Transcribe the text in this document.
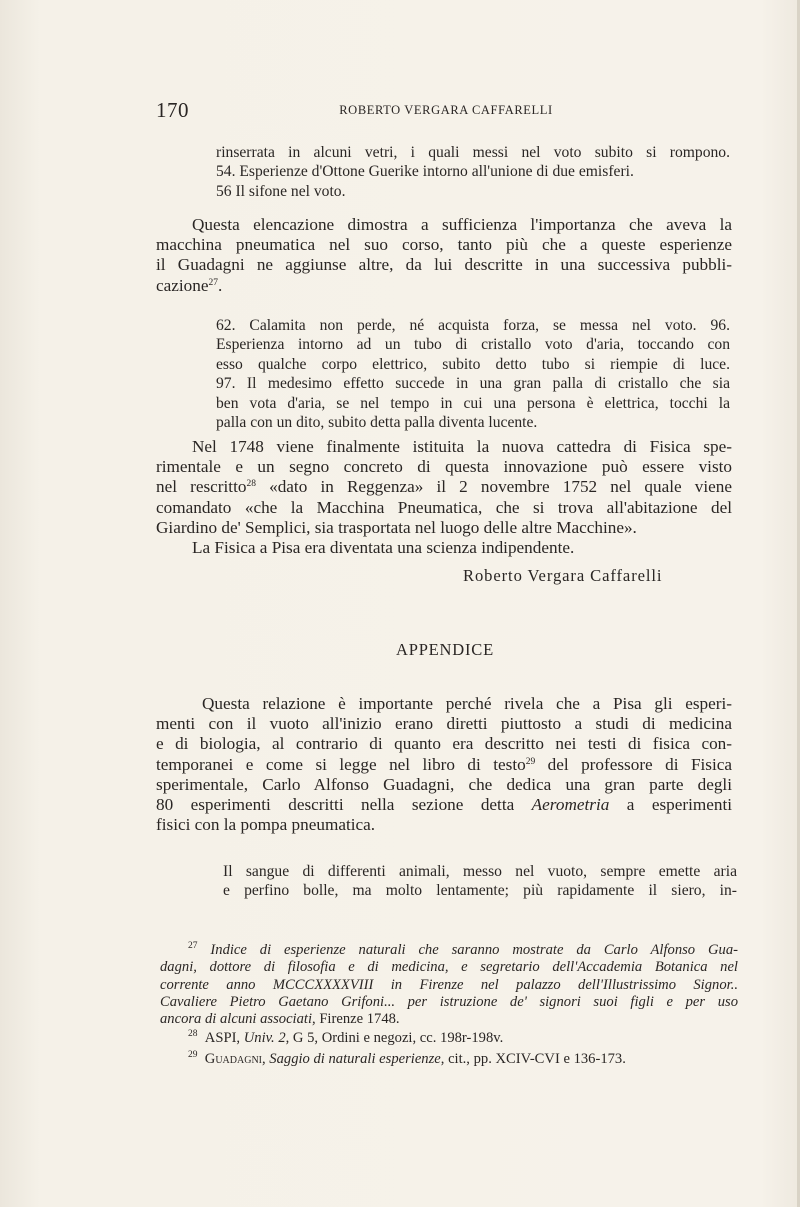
170	ROBERTO VERGARA CAFFARELLI
rinserrata in alcuni vetri, i quali messi nel voto subito si rompono.
54. Esperienze d'Ottone Guerike intorno all'unione di due emisferi.
56 Il sifone nel voto.
Questa elencazione dimostra a sufficienza l'importanza che aveva la
macchina pneumatica nel suo corso, tanto più che a queste esperienze
il Guadagni ne aggiunse altre, da lui descritte in una successiva pubbli-
cazione$^{27}$.
62. Calamita non perde, né acquista forza, se messa nel voto. 96.
Esperienza intorno ad un tubo di cristallo voto d'aria, toccando con
esso qualche corpo elettrico, subito detto tubo si riempie di luce.
97. Il medesimo effetto succede in una gran palla di cristallo che sia
ben vota d'aria, se nel tempo in cui una persona è elettrica, tocchi la
palla con un dito, subito detta palla diventa lucente.
Nel 1748 viene finalmente istituita la nuova cattedra di Fisica spe-
rimentale e un segno concreto di questa innovazione può essere visto
nel rescritto$^{28}$ «dato in Reggenza» il 2 novembre 1752 nel quale viene
comandato «che la Macchina Pneumatica, che si trova all'abitazione del
Giardino de' Semplici, sia trasportata nel luogo delle altre Macchine».
La Fisica a Pisa era diventata una scienza indipendente.
Roberto Vergara Caffarelli
APPENDICE
Questa relazione è importante perché rivela che a Pisa gli esperi-
menti con il vuoto all'inizio erano diretti piuttosto a studi di medicina
e di biologia, al contrario di quanto era descritto nei testi di fisica con-
temporanei e come si legge nel libro di testo$^{29}$ del professore di Fisica
sperimentale, Carlo Alfonso Guadagni, che dedica una gran parte degli
80 esperimenti descritti nella sezione detta Aerometria a esperimenti
fisici con la pompa pneumatica.
Il sangue di differenti animali, messo nel vuoto, sempre emette aria
e perfino bolle, ma molto lentamente; più rapidamente il siero, in-
$^{27}$ Indice di esperienze naturali che saranno mostrate da Carlo Alfonso Gua-
dagni, dottore di filosofia e di medicina, e segretario dell'Accademia Botanica nel
corrente anno MCCCXXXXVIII in Firenze nel palazzo dell'Illustrissimo Signor..
Cavaliere Pietro Gaetano Grifoni... per istruzione de' signori suoi figli e per uso
ancora di alcuni associati, Firenze 1748.
$^{28}$ ASPI, Univ. 2, G 5, Ordini e negozi, cc. 198r-198v.
$^{29}$ Guadagni, Saggio di naturali esperienze, cit., pp. XCIV-CVI e 136-173.
